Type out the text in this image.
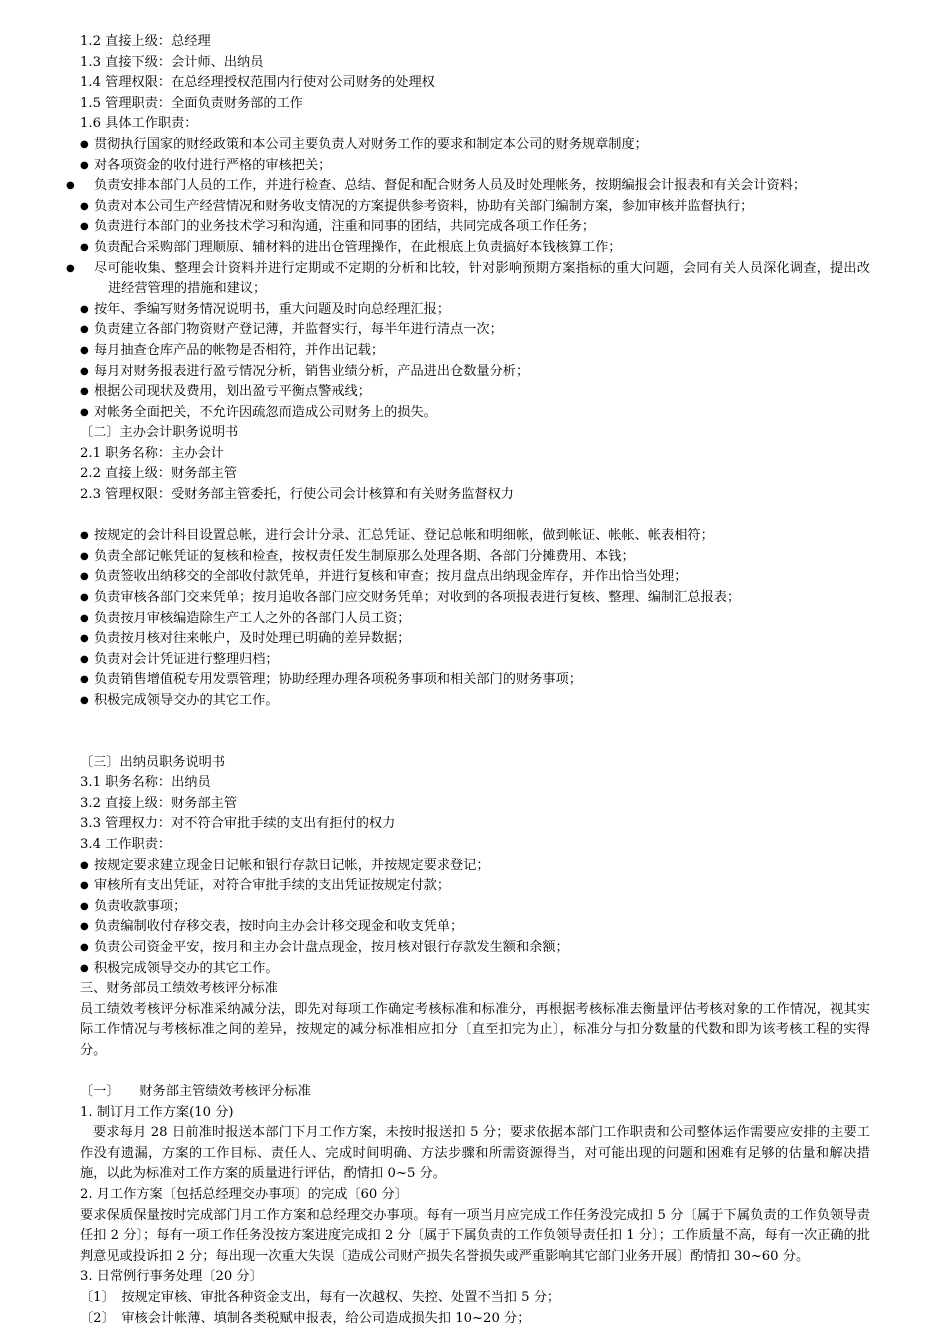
1.2 直接上级：总经理
1.3 直接下级：会计师、出纳员
1.4 管理权限：在总经理授权范围内行使对公司财务的处理权
1.5 管理职责：全面负责财务部的工作
1.6 具体工作职责：
● 贯彻执行国家的财经政策和本公司主要负责人对财务工作的要求和制定本公司的财务规章制度；
● 对各项资金的收付进行严格的审核把关；
● 负责安排本部门人员的工作，并进行检查、总结、督促和配合财务人员及时处理帐务，按期编报会计报表和有关会计资料；
● 负责对本公司生产经营情况和财务收支情况的方案提供参考资料，协助有关部门编制方案，参加审核并监督执行；
● 负责进行本部门的业务技术学习和沟通，注重和同事的团结，共同完成各项工作任务；
● 负责配合采购部门理顺原、辅材料的进出仓管理操作，在此根底上负责搞好本钱核算工作；
● 尽可能收集、整理会计资料并进行定期或不定期的分析和比较，针对影响预期方案指标的重大问题，会同有关人员深化调查，提出改进经营管理的措施和建议；
● 按年、季编写财务情况说明书，重大问题及时向总经理汇报；
● 负责建立各部门物资财产登记薄，并监督实行，每半年进行清点一次；
● 每月抽查仓库产品的帐物是否相符，并作出记载；
● 每月对财务报表进行盈亏情况分析，销售业绩分析，产品进出仓数量分析；
● 根据公司现状及费用，划出盈亏平衡点警戒线；
● 对帐务全面把关，不允许因疏忽而造成公司财务上的损失。
〔二〕主办会计职务说明书
2.1 职务名称：主办会计
2.2 直接上级：财务部主管
2.3 管理权限：受财务部主管委托，行使公司会计核算和有关财务监督权力
● 按规定的会计科目设置总帐，进行会计分录、汇总凭证、登记总帐和明细帐，做到帐证、帐帐、帐表相符；
● 负责全部记帐凭证的复核和检查，按权责任发生制原那么处理各期、各部门分摊费用、本钱；
● 负责签收出纳移交的全部收付款凭单，并进行复核和审查；按月盘点出纳现金库存，并作出恰当处理；
● 负责审核各部门交来凭单；按月追收各部门应交财务凭单；对收到的各项报表进行复核、整理、编制汇总报表；
● 负责按月审核编造除生产工人之外的各部门人员工资；
● 负责按月核对往来帐户，及时处理已明确的差异数据；
● 负责对会计凭证进行整理归档；
● 负责销售增值税专用发票管理；协助经理办理各项税务事项和相关部门的财务事项；
● 积极完成领导交办的其它工作。
〔三〕出纳员职务说明书
3.1 职务名称：出纳员
3.2 直接上级：财务部主管
3.3 管理权力：对不符合审批手续的支出有拒付的权力
3.4 工作职责：
● 按规定要求建立现金日记帐和银行存款日记帐，并按规定要求登记；
● 审核所有支出凭证，对符合审批手续的支出凭证按规定付款；
● 负责收款事项；
● 负责编制收付存移交表，按时向主办会计移交现金和收支凭单；
● 负责公司资金平安，按月和主办会计盘点现金，按月核对银行存款发生额和余额；
● 积极完成领导交办的其它工作。
三、财务部员工绩效考核评分标准
员工绩效考核评分标准采纳减分法，即先对每项工作确定考核标准和标准分，再根据考核标准去衡量评估考核对象的工作情况，视其实际工作情况与考核标准之间的差异，按规定的减分标准相应扣分〔直至扣完为止〕，标准分与扣分数量的代数和即为该考核工程的实得分。
〔一〕　　财务部主管绩效考核评分标准
1. 制订月工作方案(10 分)
要求每月 28 日前准时报送本部门下月工作方案，未按时报送扣 5 分；要求依据本部门工作职责和公司整体运作需要应安排的主要工作没有遗漏，方案的工作目标、责任人、完成时间明确、方法步骤和所需资源得当，对可能出现的问题和困难有足够的估量和解决措施，以此为标准对工作方案的质量进行评估，酌情扣 0~5 分。
2. 月工作方案〔包括总经理交办事项〕的完成〔60 分〕
要求保质保量按时完成部门月工作方案和总经理交办事项。每有一项当月应完成工作任务没完成扣 5 分〔属于下属负责的工作负领导责任扣 2 分〕；每有一项工作任务没按方案进度完成扣 2 分〔属于下属负责的工作负领导责任扣 1 分〕；工作质量不高，每有一次正确的批判意见或投诉扣 2 分；每出现一次重大失误〔造成公司财产损失名誉损失或严重影响其它部门业务开展〕酌情扣 30~60 分。
3. 日常例行事务处理〔20 分〕
〔1〕　按规定审核、审批各种资金支出，每有一次越权、失控、处置不当扣 5 分；
〔2〕　审核会计帐薄、填制各类税赋申报表，给公司造成损失扣 10~20 分；
